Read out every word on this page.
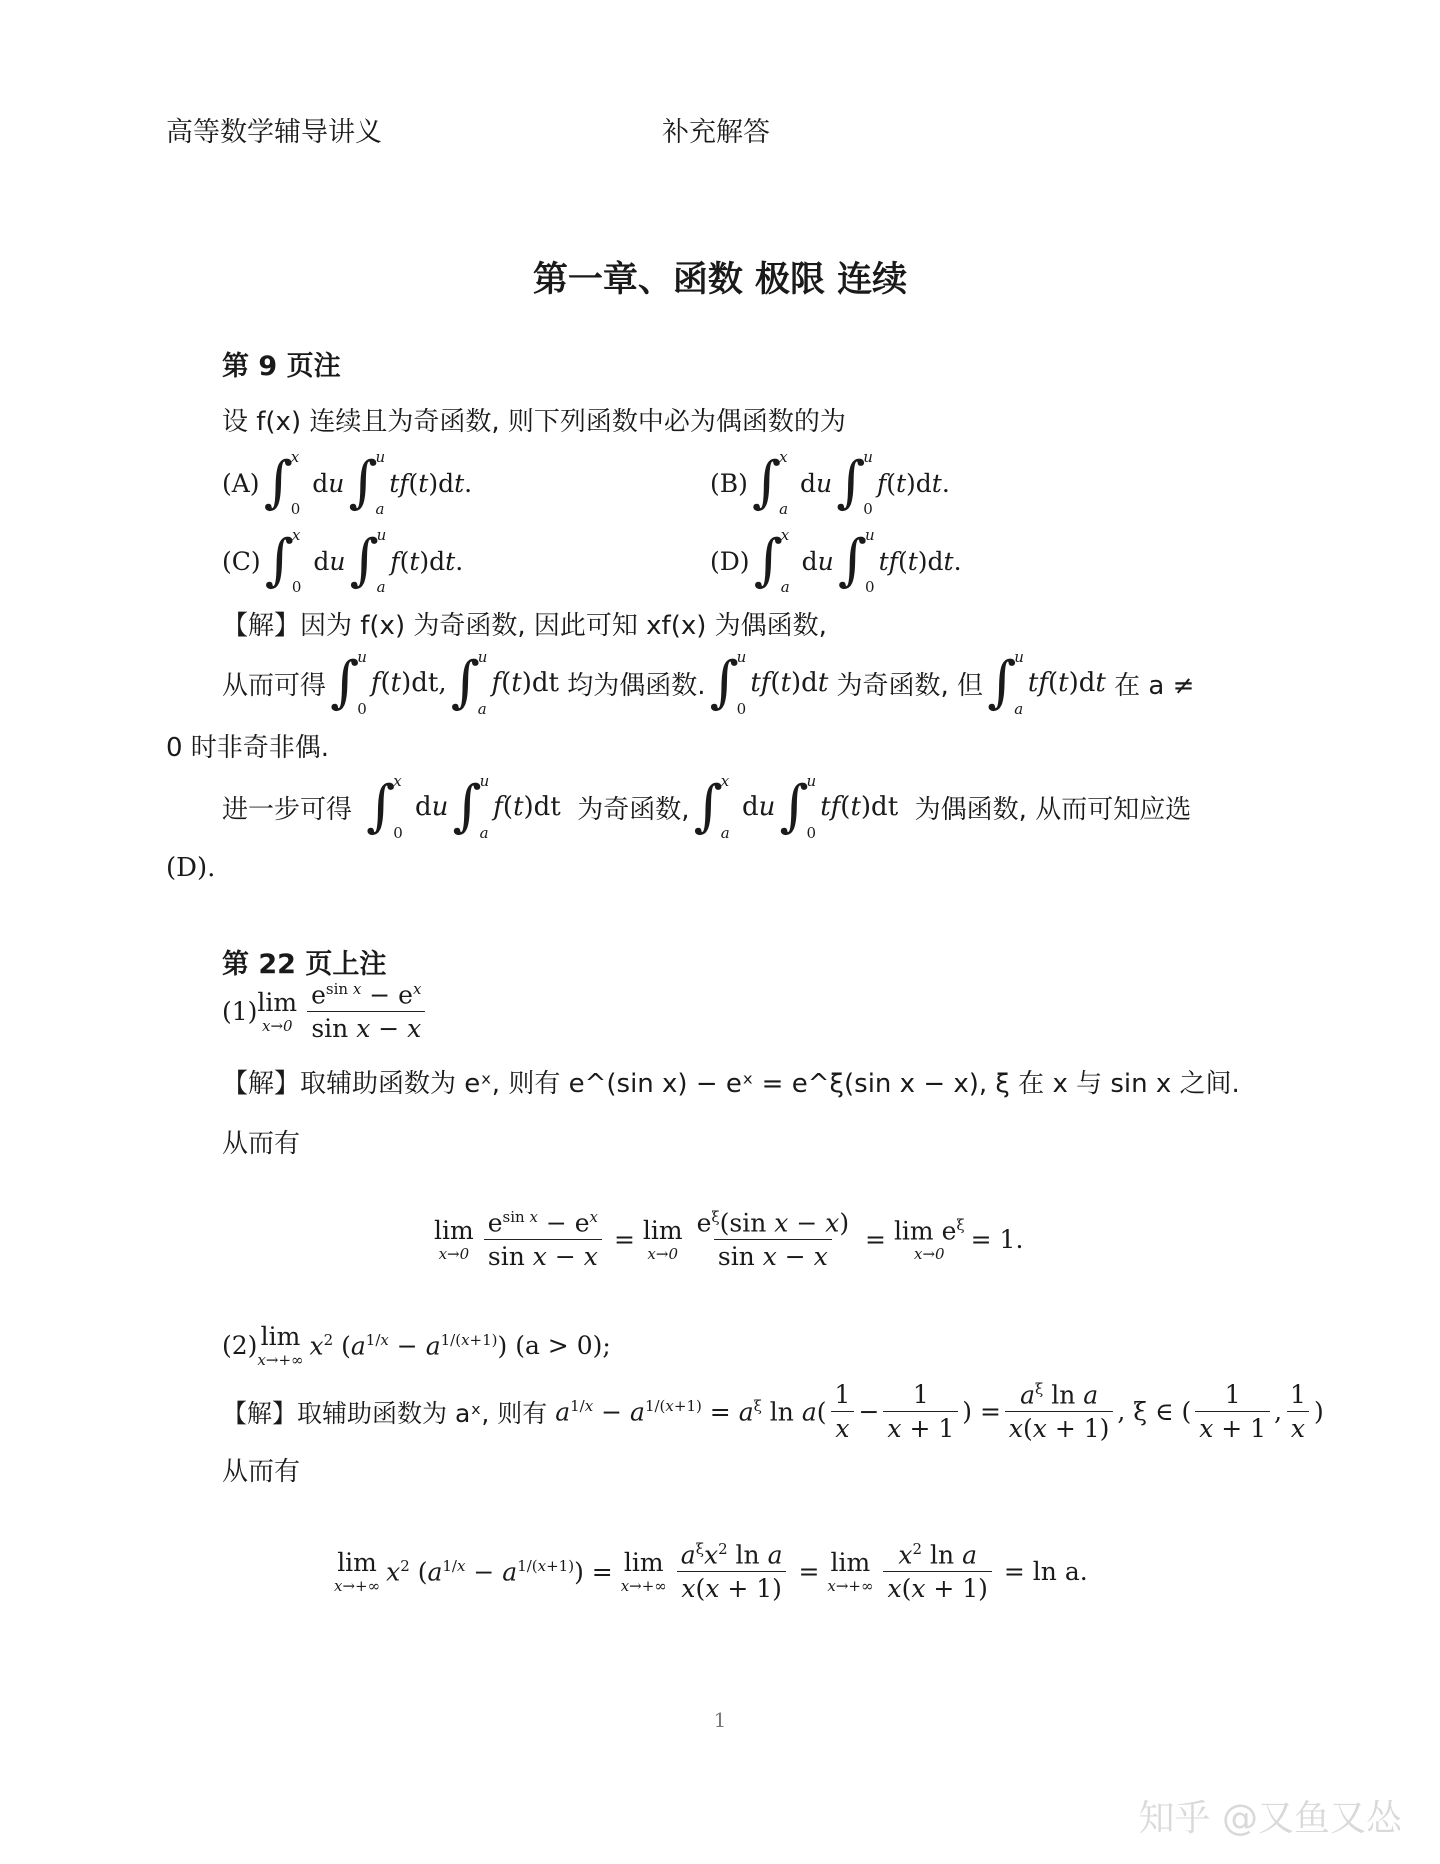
高等数学辅导讲义	补充解答
第一章、函数 极限 连续
第 9 页注
设 f(x) 连续且为奇函数, 则下列函数中必为偶函数的为
(A) ∫
x
0
d u ∫
u
a
tf ( t )d t .	(B) ∫
x
a
d u ∫
u
0
f ( t )d t .
(C) ∫
x
0
d u ∫
u
a
f ( t )d t .	(D) ∫
x
a
d u ∫
u
0
tf ( t )d t .
【解】因为 f(x) 为奇函数, 因此可知 xf(x) 为偶函数,
从而可得 ∫
u
0
f ( t )dt, ∫
u
a
f ( t )dt 均为偶函数. ∫
u
0
tf ( t )d t
为奇函数, 但 ∫
u
a
tf ( t )d t
在 a ≠
0 时非奇非偶.
进一步可得 ∫
x
0
d u ∫
u
a
f ( t )dt 为奇函数, ∫
x
a
d u ∫
u
0
tf ( t )dt 为偶函数, 从而可知应选
(D).
第 22 页上注
(1) lim
$x\to 0 \frac{e^{sin x} - e^x}{\text{sin x − x}}$
【解】取辅助函数为 eˣ, 则有 e^(sin x) − eˣ = e^ξ(sin x − x), ξ 在 x 与 sin x 之间.
从而有
lim
$x\to 0 \frac{e^{sin x} - e^x}{\text{sin x − x}} = \lim$
$x\to 0 \frac{e^\xi(\sin x - x)}{\text{sin x − x}} = \lim e^\xi$
x→0
= 1.
(2) lim
x→+∞ $x^2$ $(a^{1/x} - a^{1/(x+1)}) (a > 0)$;
【解】取辅助函数为 aˣ, 则有 $a^{1/x} - a^{1/(x+1)} = a^\xi$ $\ln a( \frac{1}{x} - \frac{1}{x + 1}$ ) = $\frac{a^\xi \ln a}{x(x + 1)}$ , ξ ∈ ( $\frac{1}{x + 1}$ , $\frac{1}{x}$ )
从而有
lim
x→+∞ $x^2$ $(a^{1/x} - a^{1/(x+1)}) = \lim$
$x\to+\infty \frac{a^\xi x^2 \ln a}{x(x + 1)} = \lim$
$x\to+\infty \frac{x^2 \ln a}{x(x + 1)}$
= ln a.
1
知乎 @又鱼又怂
